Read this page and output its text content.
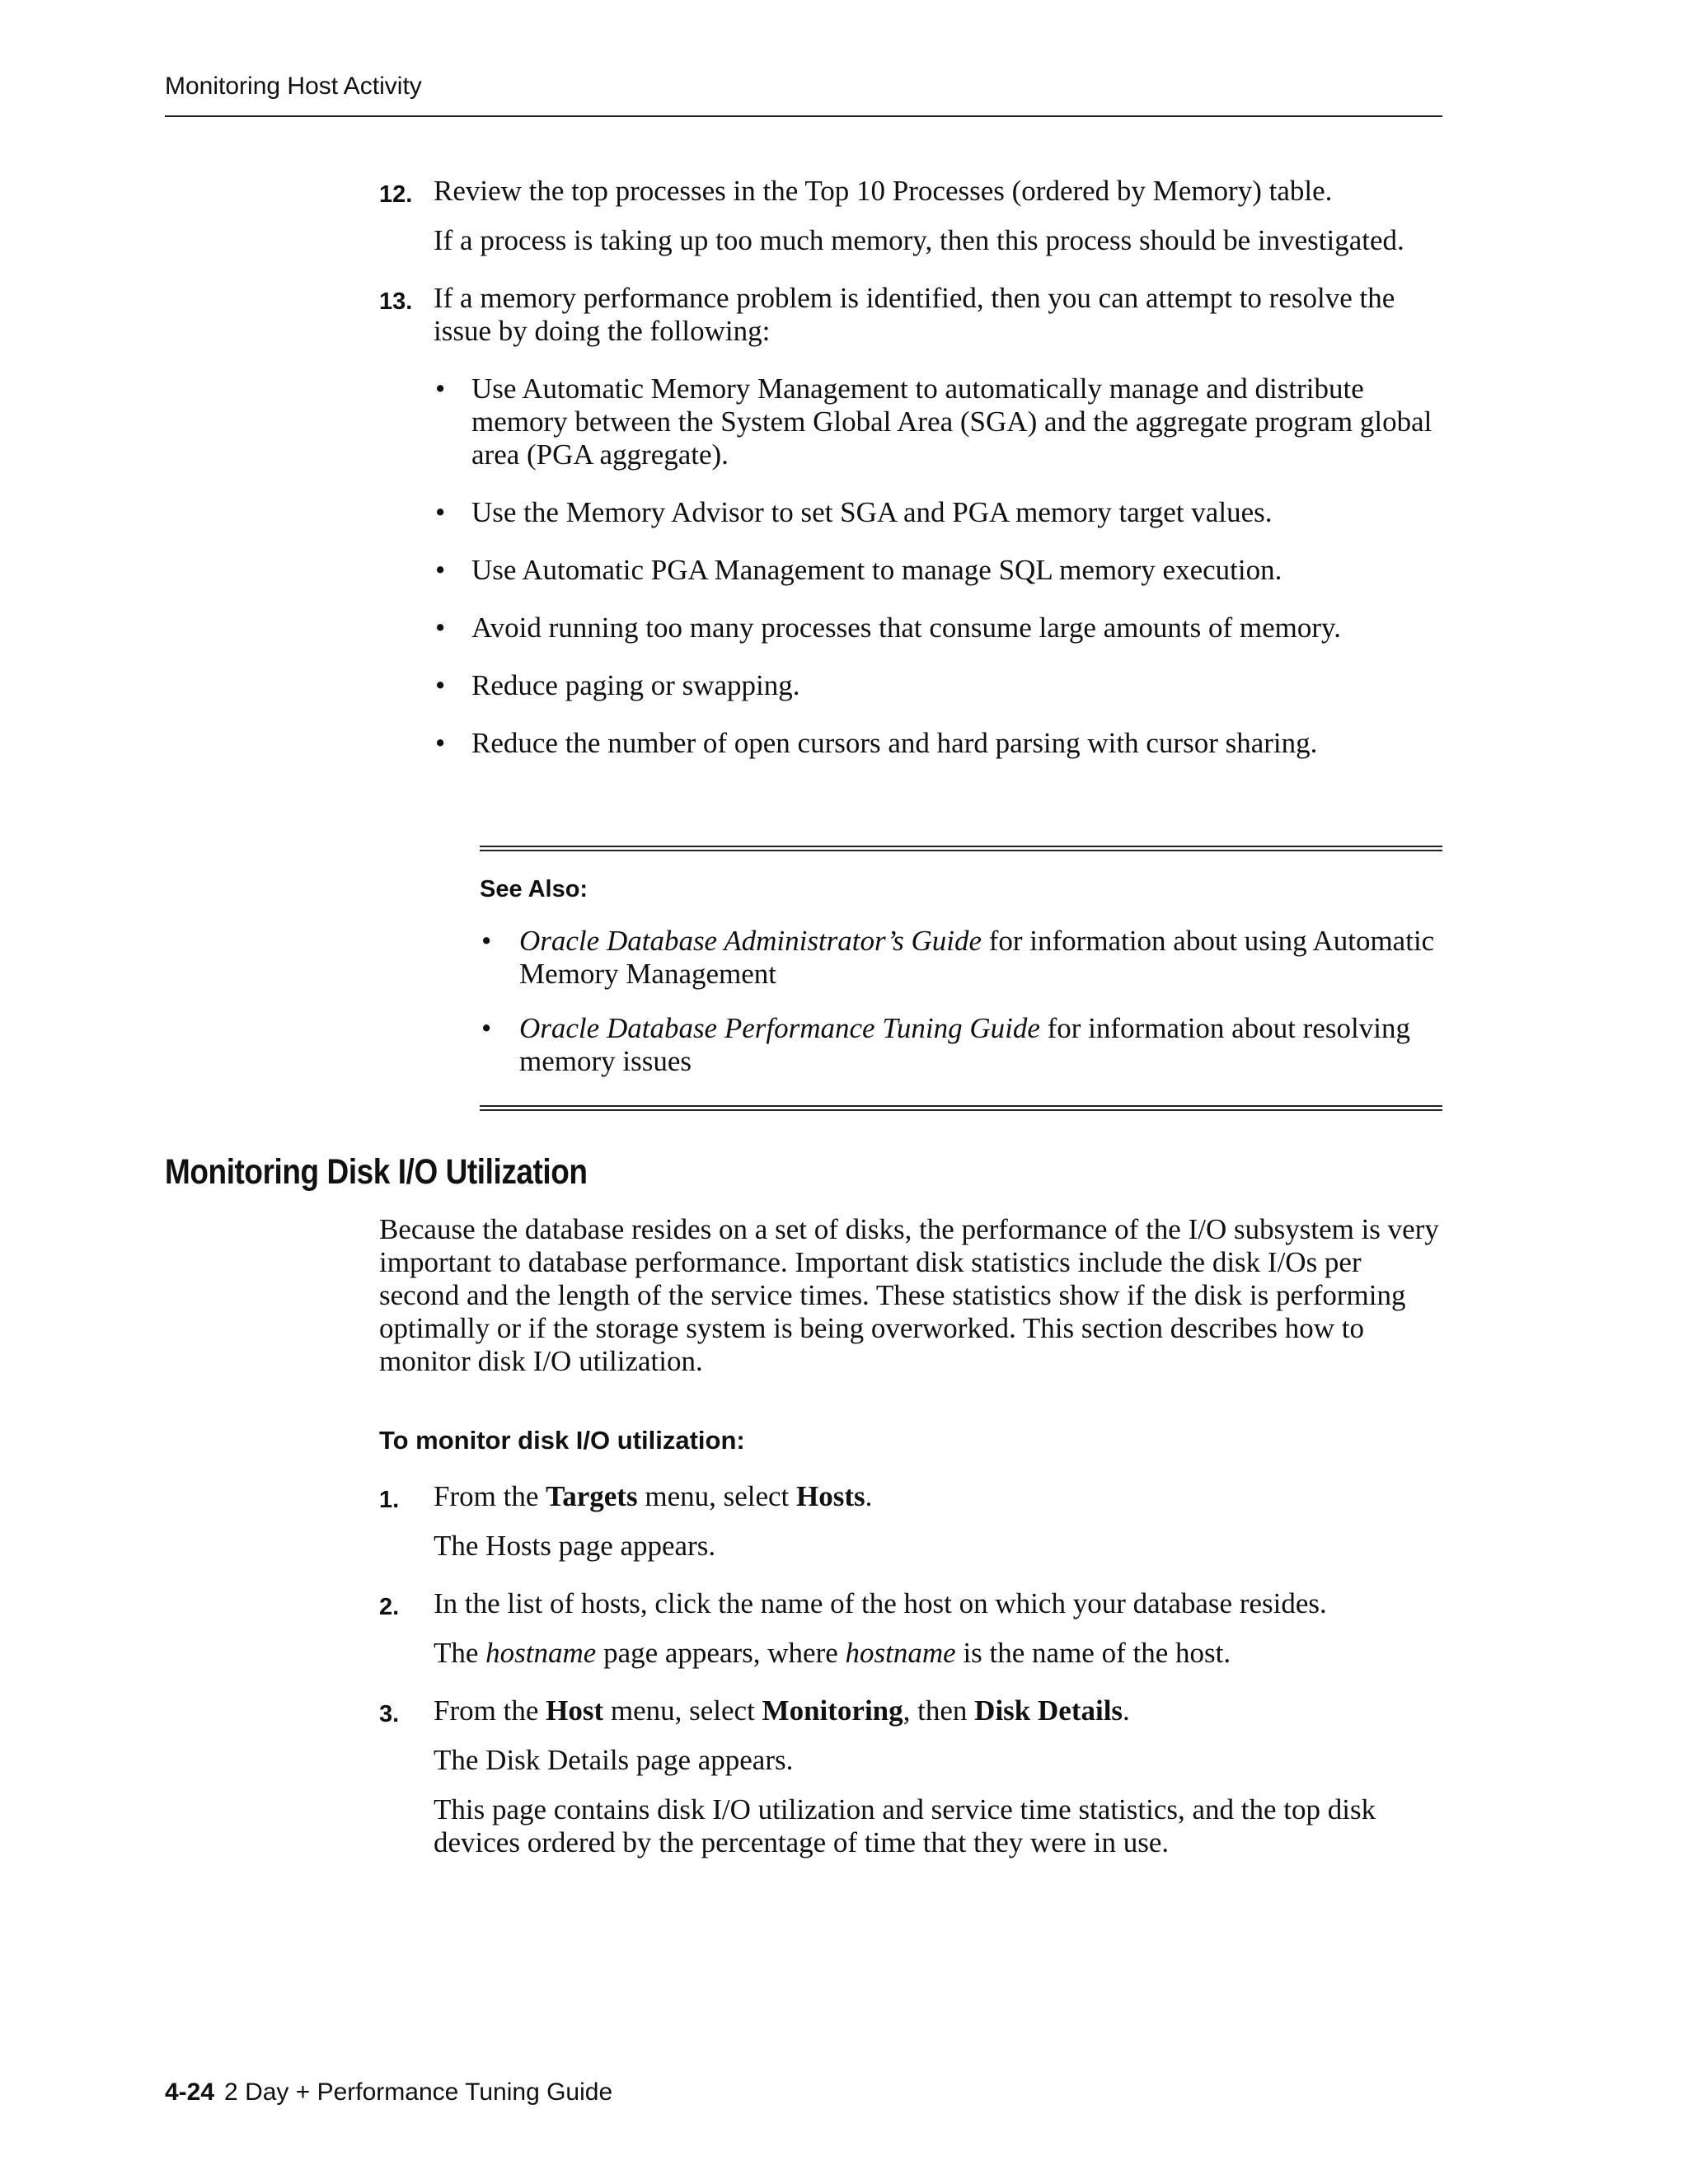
Monitoring Host Activity
12. Review the top processes in the Top 10 Processes (ordered by Memory) table.

If a process is taking up too much memory, then this process should be investigated.

13. If a memory performance problem is identified, then you can attempt to resolve the issue by doing the following:

• Use Automatic Memory Management to automatically manage and distribute memory between the System Global Area (SGA) and the aggregate program global area (PGA aggregate).
• Use the Memory Advisor to set SGA and PGA memory target values.
• Use Automatic PGA Management to manage SQL memory execution.
• Avoid running too many processes that consume large amounts of memory.
• Reduce paging or swapping.
• Reduce the number of open cursors and hard parsing with cursor sharing.
See Also:
• Oracle Database Administrator’s Guide for information about using Automatic Memory Management
• Oracle Database Performance Tuning Guide for information about resolving memory issues
Monitoring Disk I/O Utilization

Because the database resides on a set of disks, the performance of the I/O subsystem is very important to database performance. Important disk statistics include the disk I/Os per second and the length of the service times. These statistics show if the disk is performing optimally or if the storage system is being overworked. This section describes how to monitor disk I/O utilization.

To monitor disk I/O utilization:
1. From the Targets menu, select Hosts.

The Hosts page appears.

2. In the list of hosts, click the name of the host on which your database resides.

The hostname page appears, where hostname is the name of the host.

3. From the Host menu, select Monitoring, then Disk Details.

The Disk Details page appears.

This page contains disk I/O utilization and service time statistics, and the top disk devices ordered by the percentage of time that they were in use.

4-24 2 Day + Performance Tuning Guide
